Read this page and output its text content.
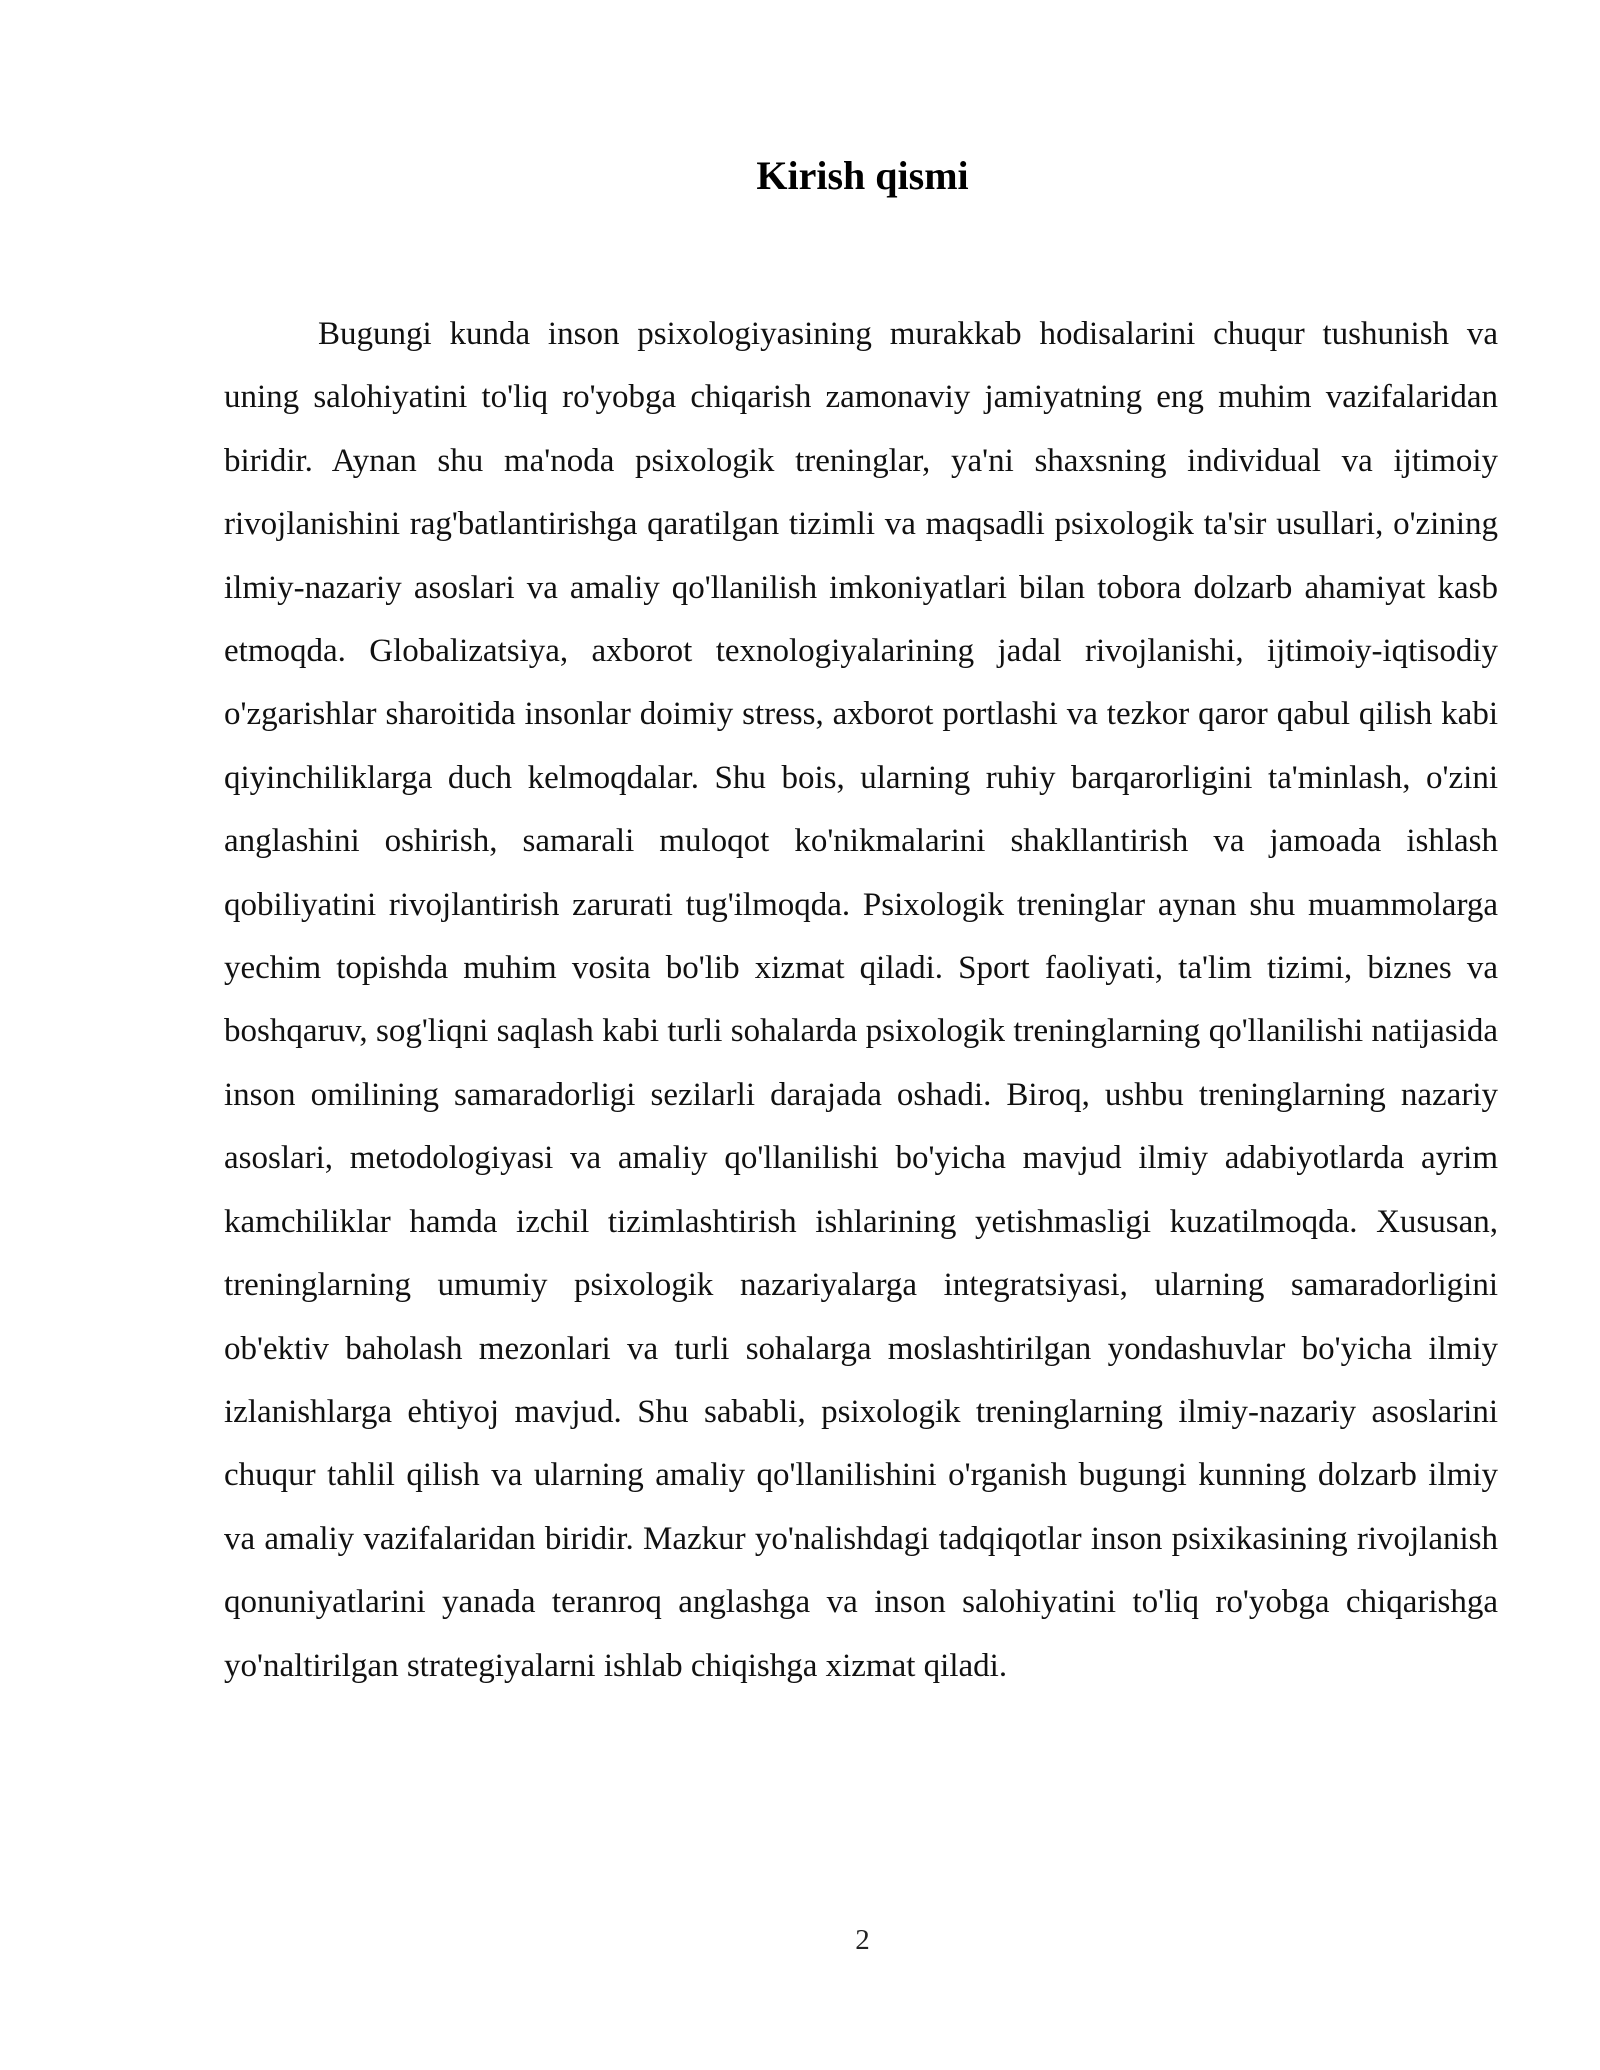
Kirish qismi

Bugungi kunda inson psixologiyasining murakkab hodisalarini chuqur tushunish va uning salohiyatini to'liq ro'yobga chiqarish zamonaviy jamiyatning eng muhim vazifalaridan biridir. Aynan shu ma'noda psixologik treninglar, ya'ni shaxsning individual va ijtimoiy rivojlanishini rag'batlantirishga qaratilgan tizimli va maqsadli psixologik ta'sir usullari, o'zining ilmiy-nazariy asoslari va amaliy qo'llanilish imkoniyatlari bilan tobora dolzarb ahamiyat kasb etmoqda. Globalizatsiya, axborot texnologiyalarining jadal rivojlanishi, ijtimoiy-iqtisodiy o'zgarishlar sharoitida insonlar doimiy stress, axborot portlashi va tezkor qaror qabul qilish kabi qiyinchiliklarga duch kelmoqdalar. Shu bois, ularning ruhiy barqarorligini ta'minlash, o'zini anglashini oshirish, samarali muloqot ko'nikmalarini shakllantirish va jamoada ishlash qobiliyatini rivojlantirish zarurati tug'ilmoqda. Psixologik treninglar aynan shu muammolarga yechim topishda muhim vosita bo'lib xizmat qiladi. Sport faoliyati, ta'lim tizimi, biznes va boshqaruv, sog'liqni saqlash kabi turli sohalarda psixologik treninglarning qo'llanilishi natijasida inson omilining samaradorligi sezilarli darajada oshadi. Biroq, ushbu treninglarning nazariy asoslari, metodologiyasi va amaliy qo'llanilishi bo'yicha mavjud ilmiy adabiyotlarda ayrim kamchiliklar hamda izchil tizimlashtirish ishlarining yetishmasligi kuzatilmoqda. Xususan, treninglarning umumiy psixologik nazariyalarga integratsiyasi, ularning samaradorligini ob'ektiv baholash mezonlari va turli sohalarga moslashtirilgan yondashuvlar bo'yicha ilmiy izlanishlarga ehtiyoj mavjud. Shu sababli, psixologik treninglarning ilmiy-nazariy asoslarini chuqur tahlil qilish va ularning amaliy qo'llanilishini o'rganish bugungi kunning dolzarb ilmiy va amaliy vazifalaridan biridir. Mazkur yo'nalishdagi tadqiqotlar inson psixikasining rivojlanish qonuniyatlarini yanada teranroq anglashga va inson salohiyatini to'liq ro'yobga chiqarishga yo'naltirilgan strategiyalarni ishlab chiqishga xizmat qiladi.

2
